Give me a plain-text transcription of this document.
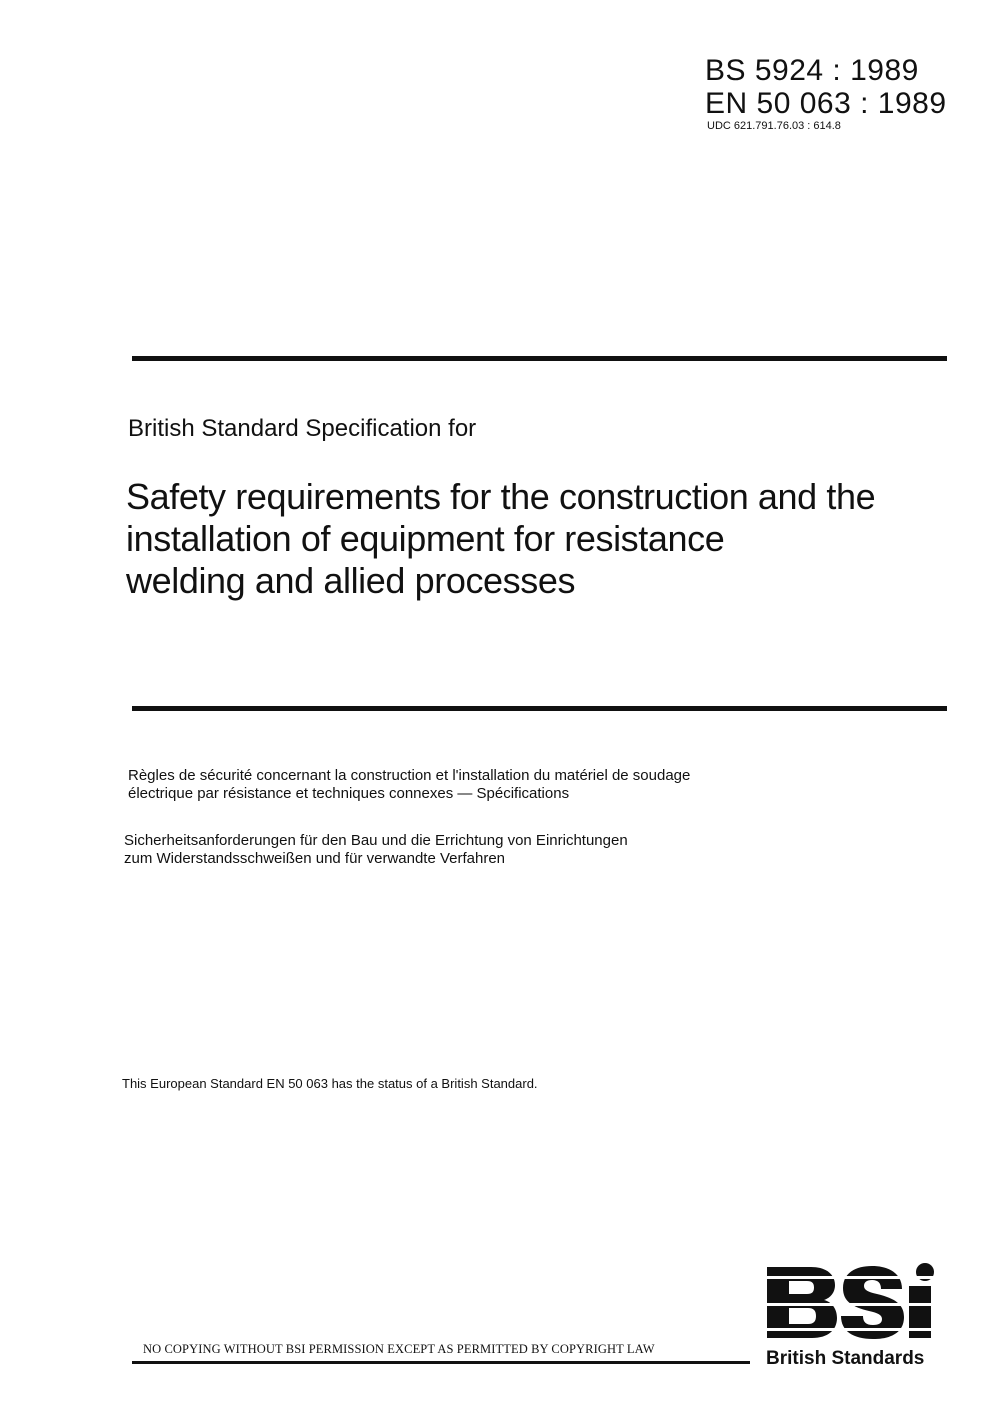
BS 5924 : 1989
EN 50 063 : 1989
UDC 621.791.76.03 : 614.8
British Standard Specification for
Safety requirements for the construction and the
installation of equipment for resistance
welding and allied processes
Règles de sécurité concernant la construction et l'installation du matériel de soudage
électrique par résistance et techniques connexes — Spécifications
Sicherheitsanforderungen für den Bau und die Errichtung von Einrichtungen
zum Widerstandsschweißen und für verwandte Verfahren
This European Standard EN 50 063 has the status of a British Standard.
NO COPYING WITHOUT BSI PERMISSION EXCEPT AS PERMITTED BY COPYRIGHT LAW	British Standards
